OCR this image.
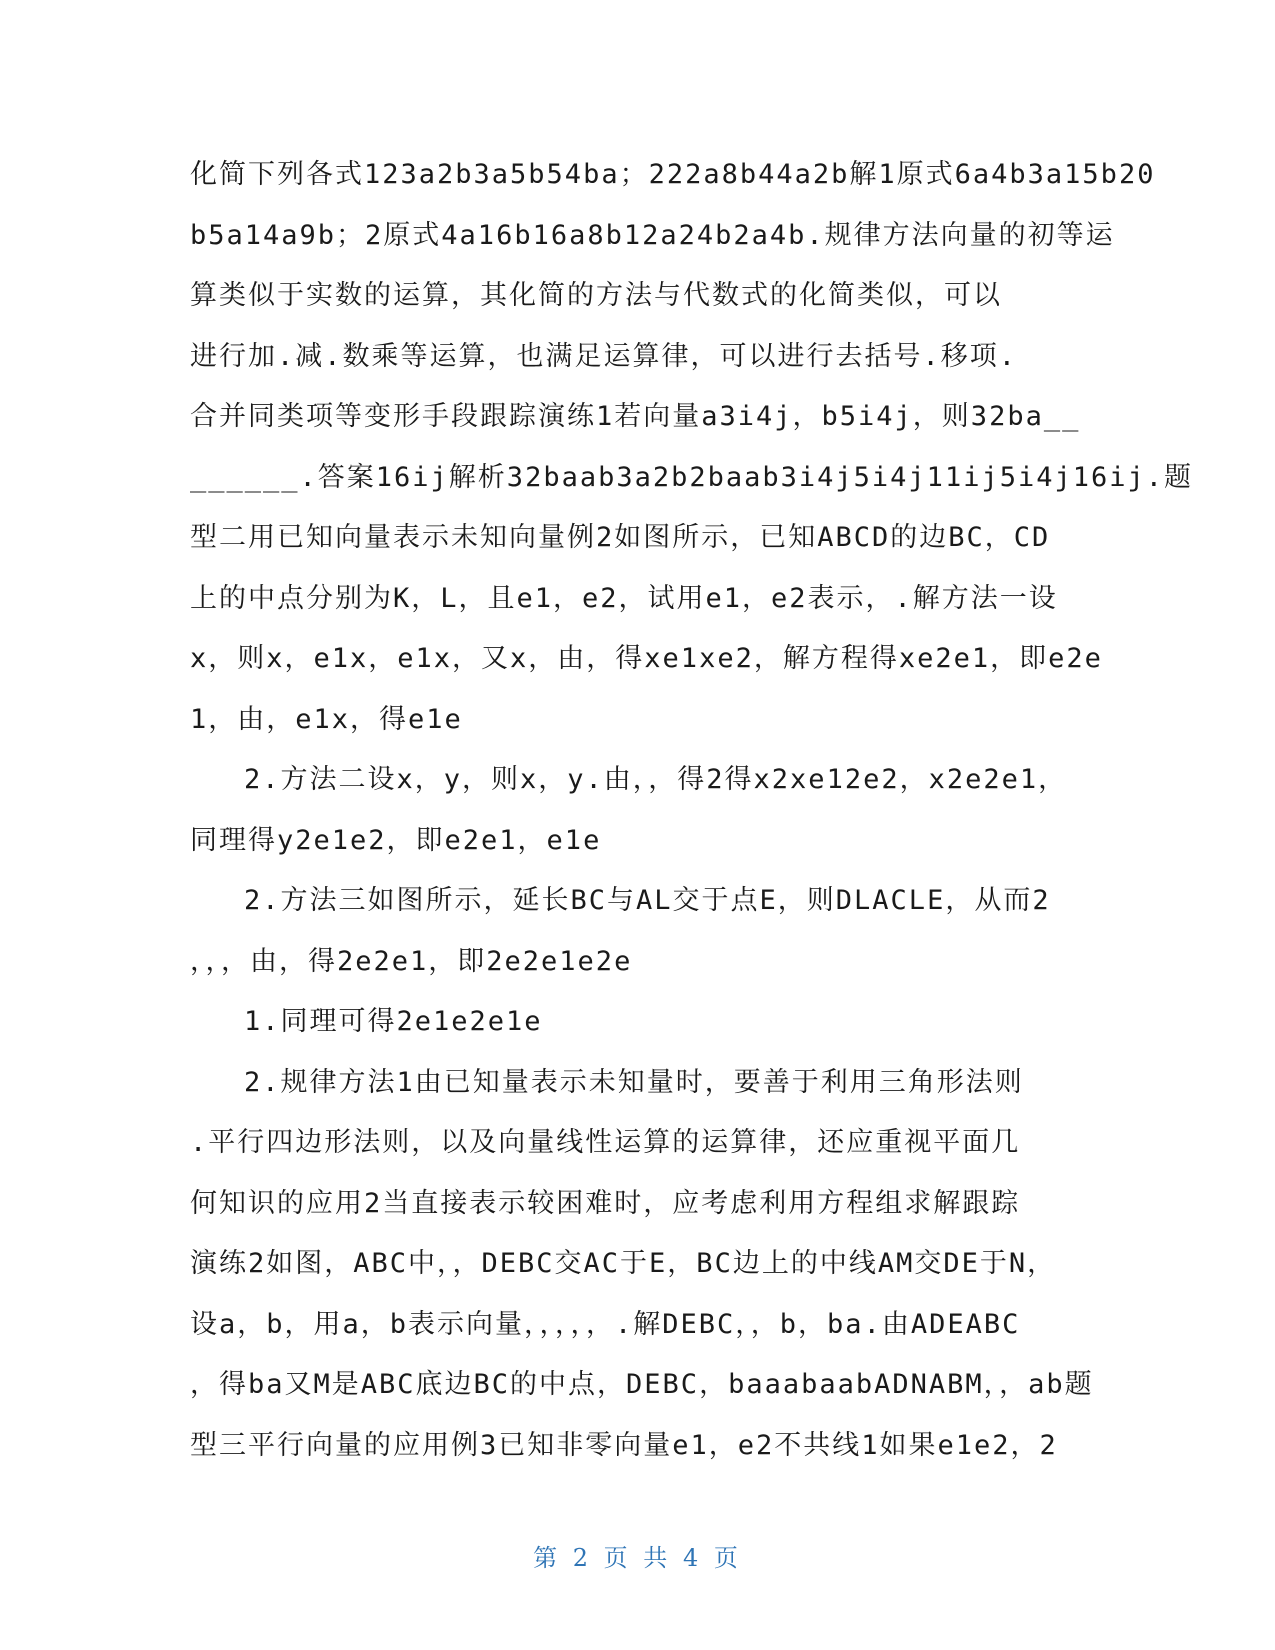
化简下列各式123a2b3a5b54ba；222a8b44a2b解1原式6a4b3a15b20
b5a14a9b；2原式4a16b16a8b12a24b2a4b.规律方法向量的初等运
算类似于实数的运算，其化简的方法与代数式的化简类似，可以
进行加.减.数乘等运算，也满足运算律，可以进行去括号.移项.
合并同类项等变形手段跟踪演练1若向量a3i4j，b5i4j，则32ba__
______.答案16ij解析32baab3a2b2baab3i4j5i4j11ij5i4j16ij.题
型二用已知向量表示未知向量例2如图所示，已知ABCD的边BC，CD
上的中点分别为K，L，且e1，e2，试用e1，e2表示，.解方法一设
x，则x，e1x，e1x，又x，由，得xe1xe2，解方程得xe2e1，即e2e
1，由，e1x，得e1e
2.方法二设x，y，则x，y.由，，得2得x2xe12e2，x2e2e1，
同理得y2e1e2，即e2e1，e1e
2.方法三如图所示，延长BC与AL交于点E，则DLACLE，从而2
，，，由，得2e2e1，即2e2e1e2e
1.同理可得2e1e2e1e
2.规律方法1由已知量表示未知量时，要善于利用三角形法则
.平行四边形法则，以及向量线性运算的运算律，还应重视平面几
何知识的应用2当直接表示较困难时，应考虑利用方程组求解跟踪
演练2如图，ABC中，，DEBC交AC于E，BC边上的中线AM交DE于N，
设a，b，用a，b表示向量，，，，，.解DEBC，，b，ba.由ADEABC
，得ba又M是ABC底边BC的中点，DEBC，baaabaabADNABM，，ab题
型三平行向量的应用例3已知非零向量e1，e2不共线1如果e1e2，2
第 2 页 共 4 页
